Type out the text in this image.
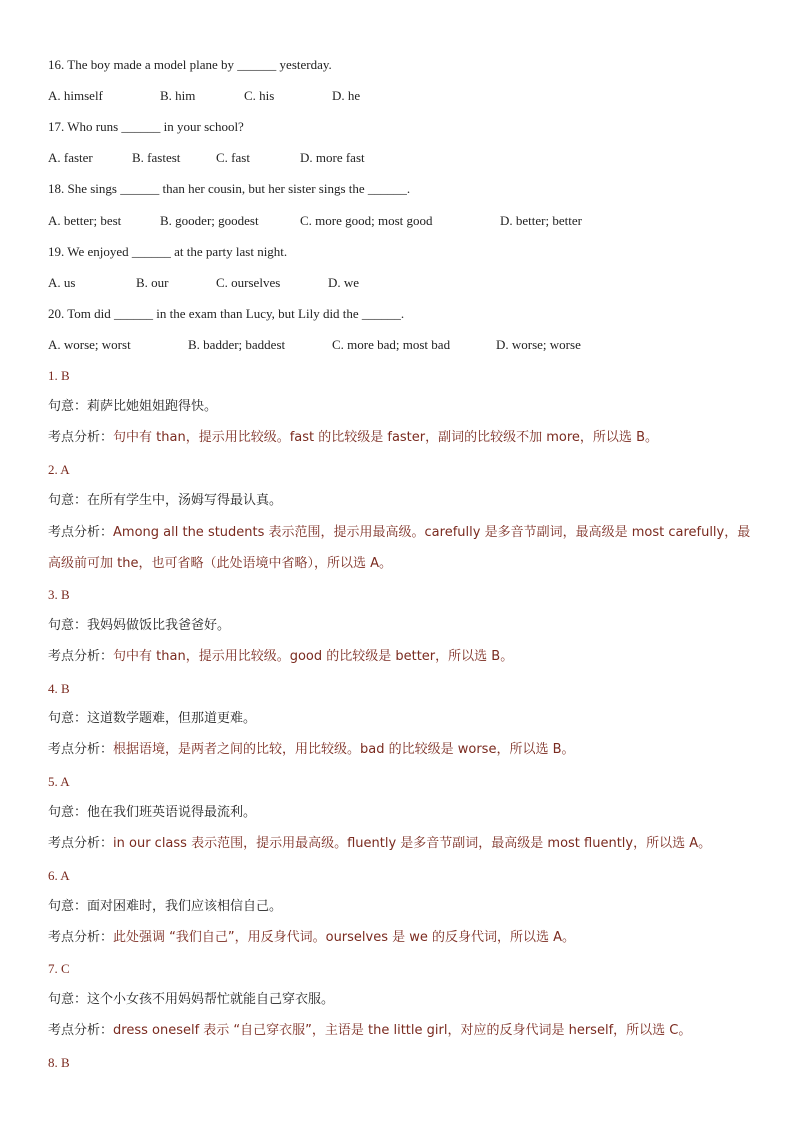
16. The boy made a model plane by ______ yesterday.
A. himself	B. him	C. his	D. he
17. Who runs ______ in your school?
A. faster	B. fastest	C. fast	D. more fast
18. She sings ______ than her cousin, but her sister sings the ______.
A. better; best	B. gooder; goodest	C. more good; most good	D. better; better
19. We enjoyed ______ at the party last night.
A. us	B. our	C. ourselves	D. we
20. Tom did ______ in the exam than Lucy, but Lily did the ______.
A. worse; worst	B. badder; baddest	C. more bad; most bad	D. worse; worse
1. B
句意：莉萨比她姐姐跑得快。
考点分析：句中有 than，提示用比较级。fast 的比较级是 faster，副词的比较级不加 more，所以选 B。
2. A
句意：在所有学生中，汤姆写得最认真。
考点分析：Among all the students 表示范围，提示用最高级。carefully 是多音节副词，最高级是 most carefully，最
高级前可加 the，也可省略（此处语境中省略），所以选 A。
3. B
句意：我妈妈做饭比我爸爸好。
考点分析：句中有 than，提示用比较级。good 的比较级是 better，所以选 B。
4. B
句意：这道数学题难，但那道更难。
考点分析：根据语境，是两者之间的比较，用比较级。bad 的比较级是 worse，所以选 B。
5. A
句意：他在我们班英语说得最流利。
考点分析：in our class 表示范围，提示用最高级。fluently 是多音节副词，最高级是 most fluently，所以选 A。
6. A
句意：面对困难时，我们应该相信自己。
考点分析：此处强调 “我们自己”，用反身代词。ourselves 是 we 的反身代词，所以选 A。
7. C
句意：这个小女孩不用妈妈帮忙就能自己穿衣服。
考点分析：dress oneself 表示 “自己穿衣服”，主语是 the little girl，对应的反身代词是 herself，所以选 C。
8. B
